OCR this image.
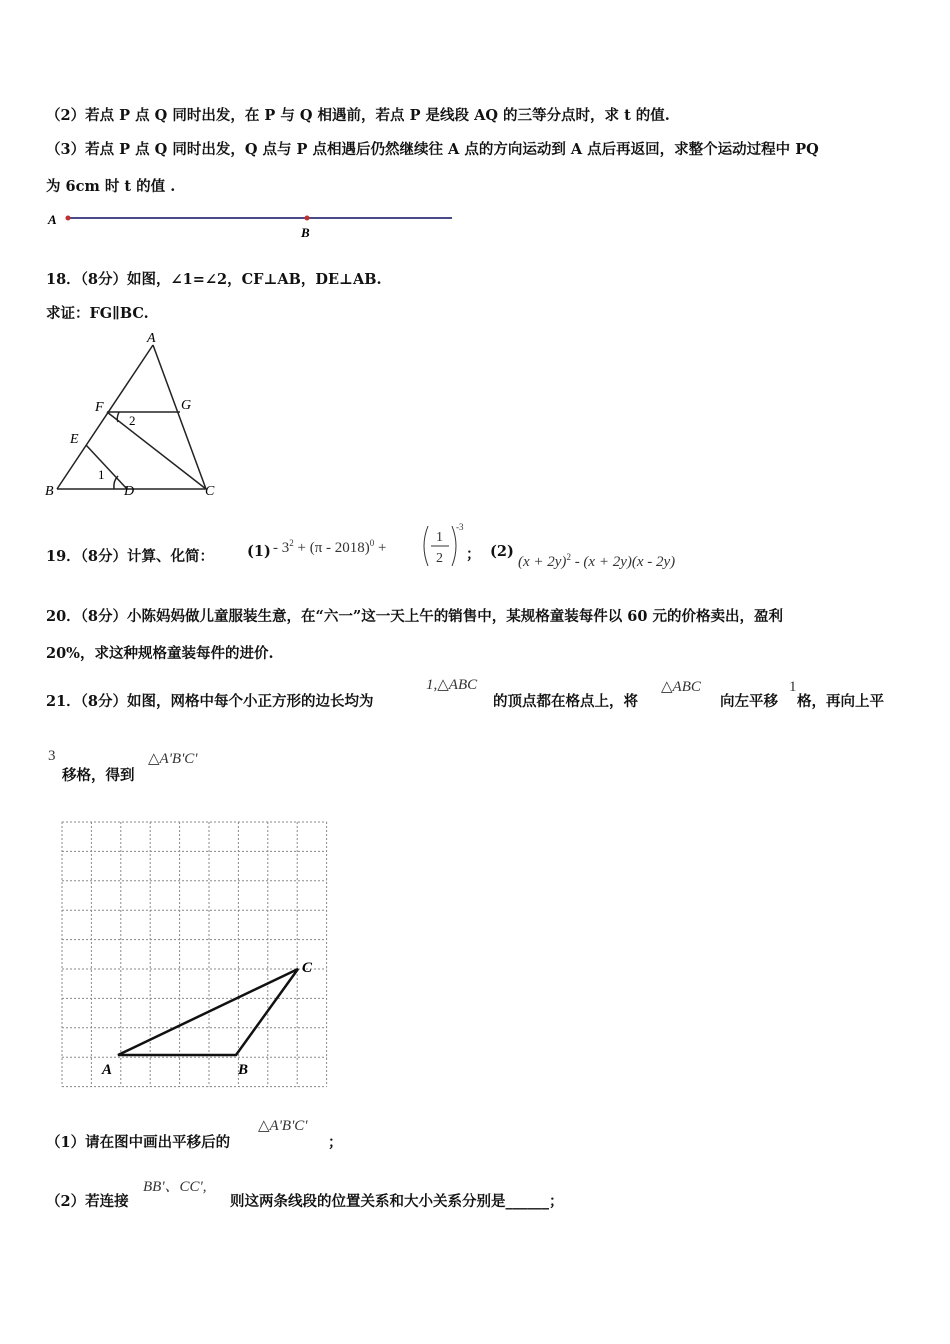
（2）若点 P 点 Q 同时出发，在 P 与 Q 相遇前，若点 P 是线段 AQ 的三等分点时，求 t 的值.
（3）若点 P 点 Q 同时出发，Q 点与 P 点相遇后仍然继续往 A 点的方向运动到 A 点后再返回，求整个运动过程中 PQ
为 6cm 时 t 的值 .
A
B
18．（8分）如图，∠1=∠2，CF⊥AB，DE⊥AB.
求证：FG∥BC.
A
F	G
E
B	D	C
2
1
19．（8分）计算、化简： $(1) - 3^2 + (\pi - 2018)^0$ +
1
2
-3
； (2)
$(x + 2y)^2 - (x + 2y)(x - 2y)$
20．（8分）小陈妈妈做儿童服装生意，在“六一”这一天上午的销售中，某规格童装每件以 60 元的价格卖出，盈利
20%，求这种规格童装每件的进价.
21．（8分）如图，网格中每个小正方形的边长均为
1,△ABC
的顶点都在格点上，将
△ABC
向左平移
1
格，再向上平
3
移格，得到
△A'B'C'
A	B
C
（1）请在图中画出平移后的
△A'B'C'
；
（2）若连接
BB'、CC',
则这两条线段的位置关系和大小关系分别是______；
